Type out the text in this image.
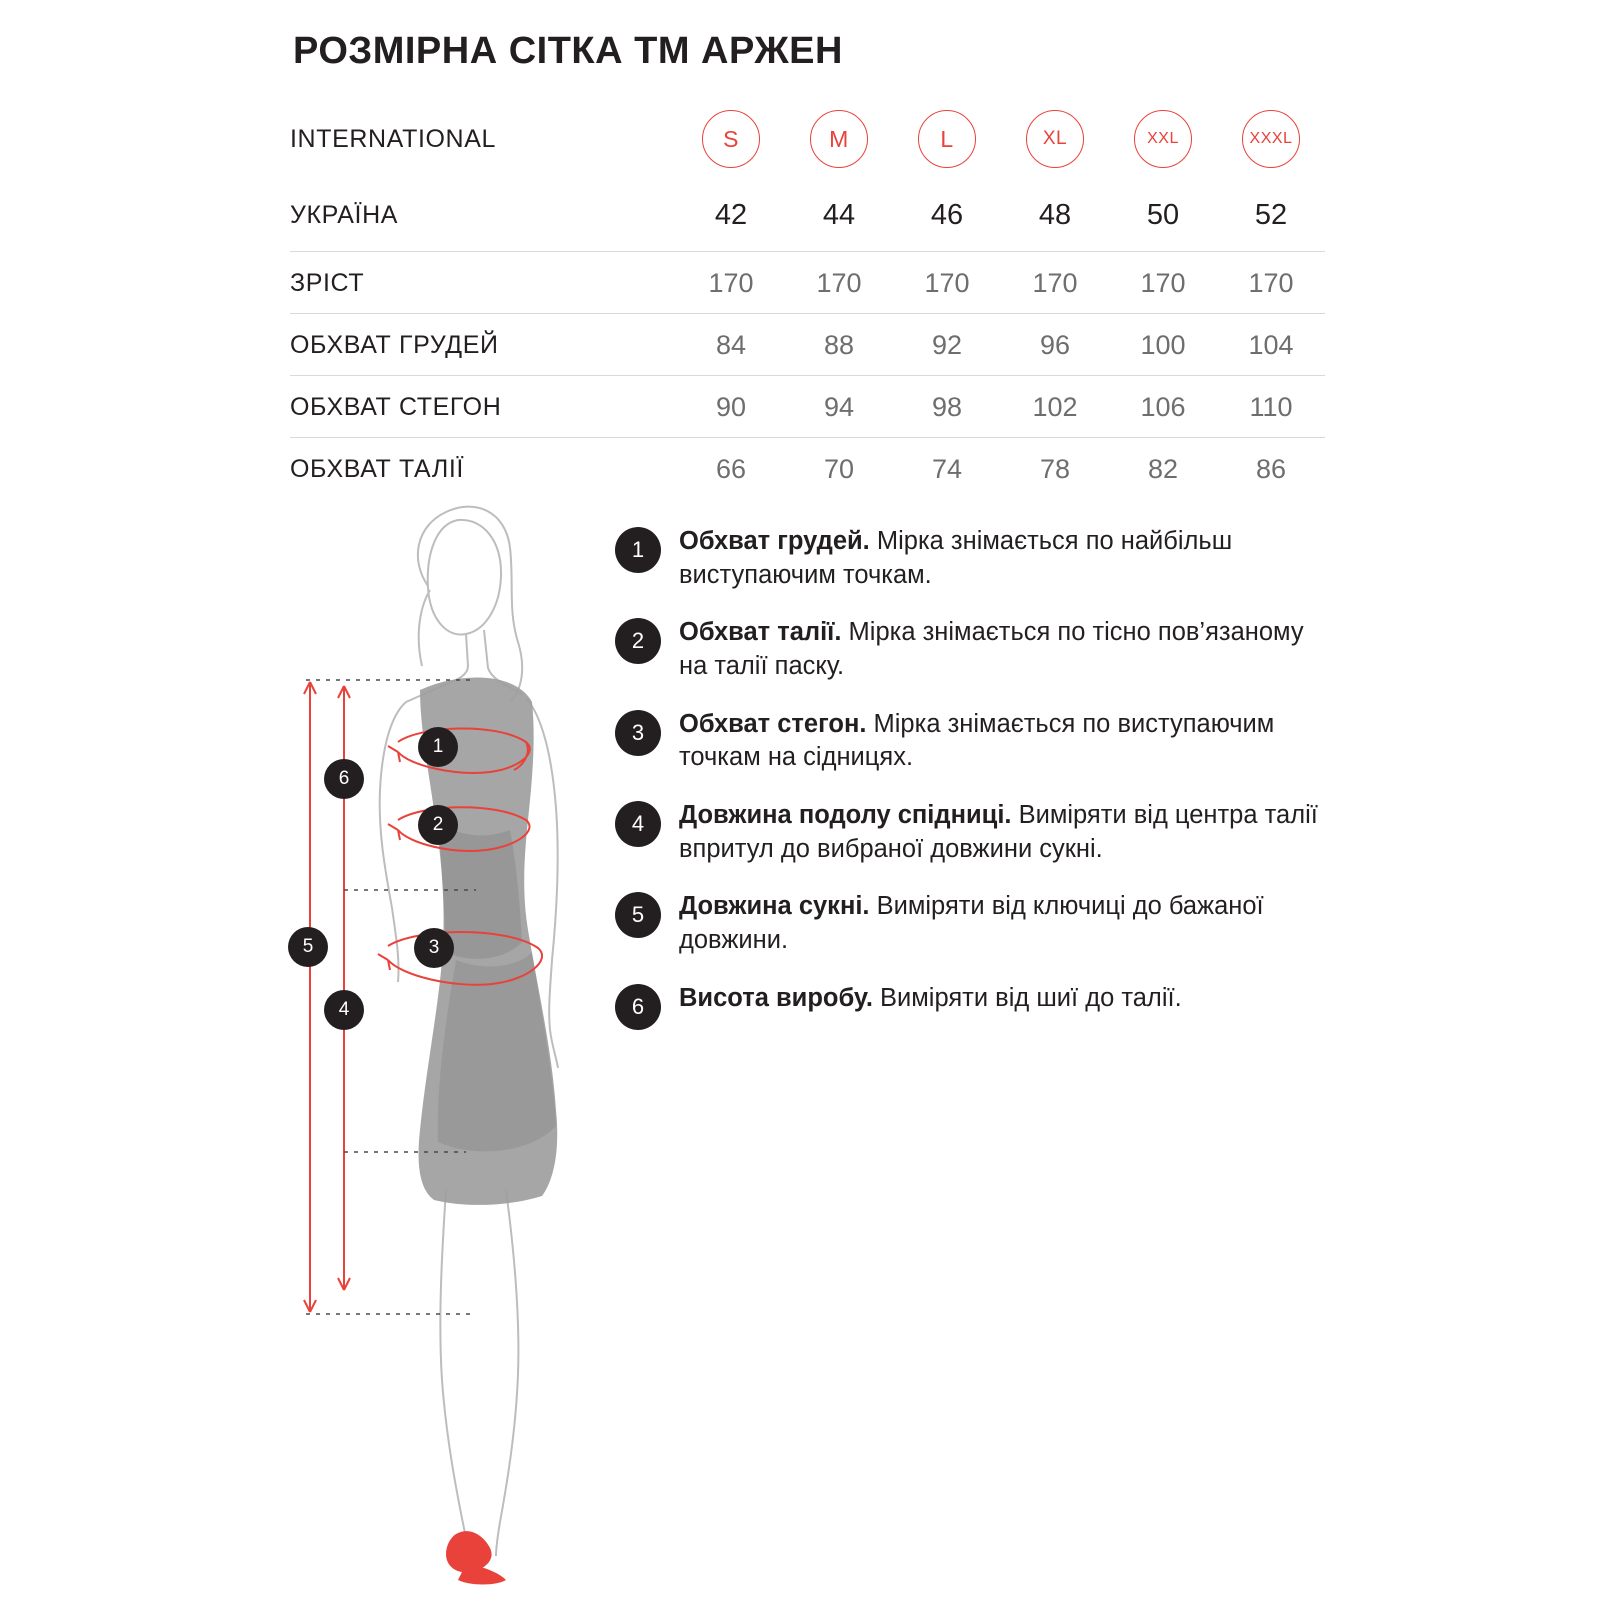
РОЗМІРНА СІТКА ТМ АРЖЕН
INTERNATIONAL	S	M	L	XL	XXL	XXXL
УКРАЇНА	42	44	46	48	50	52
ЗРІСТ	170	170	170	170	170	170
ОБХВАТ ГРУДЕЙ	84	88	92	96	100	104
ОБХВАТ СТЕГОН	90	94	98	102	106	110
ОБХВАТ ТАЛІЇ	66	70	74	78	82	86
6
5
4
1
2
3
1	Обхват грудей. Мірка знімається по найбільш виступаючим точкам.
2	Обхват талії. Мірка знімається по тісно пов’язаному на талії паску.
3	Обхват стегон. Мірка знімається по виступаючим точкам на сідницях.
4	Довжина подолу спідниці. Виміряти від центра талії впритул до вибраної довжини сукні.
5	Довжина сукні. Виміряти від ключиці до бажаної довжини.
6	Висота виробу. Виміряти від шиї до талії.
